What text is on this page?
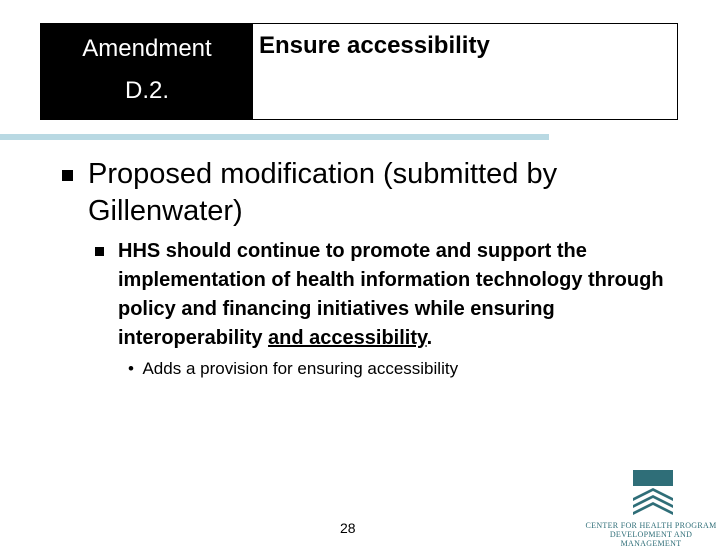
Amendment
D.2.
Ensure accessibility
Proposed modification (submitted by Gillenwater)
HHS should continue to promote and support the implementation of health information technology through policy and financing initiatives while ensuring interoperability and accessibility.
• Adds a provision for ensuring accessibility
28	CENTER FOR HEALTH PROGRAM
DEVELOPMENT AND MANAGEMENT
